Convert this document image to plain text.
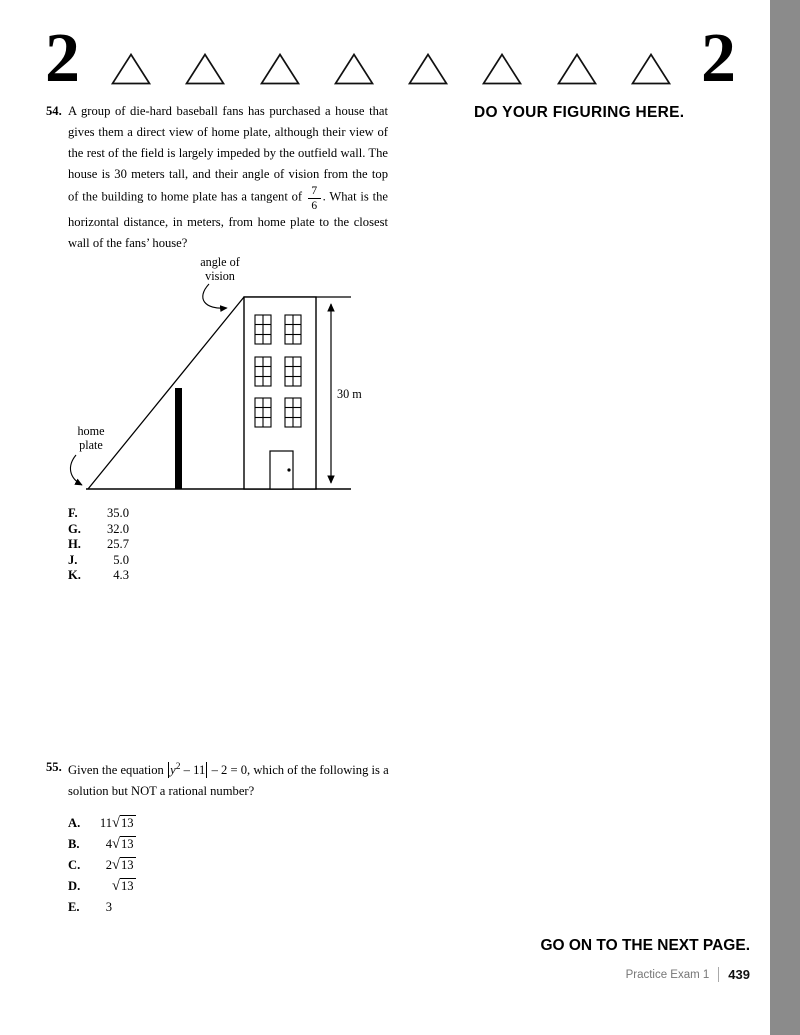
2	2
DO YOUR FIGURING HERE.
54. A group of die-hard baseball fans has purchased a house that gives them a direct view of home plate, although their view of the rest of the field is largely impeded by the outfield wall. The house is 30 meters tall, and their angle of vision from the top of the building to home plate has a tangent of $\frac{7}{6}$ . What is the horizontal distance, in meters, from home plate to the closest wall of the fans’ house?

30 m
angle of
vision
home
plate
F.	35.0
G.	32.0
H.	25.7
J.	5.0
K.	4.3
55. Given the equation $y^2 - 11 - 2 = 0$, which of the following is a solution but NOT a rational number?

A.	11 √13
B.	4 √13
C.	2 √13
D.	√13
E.	3
GO ON TO THE NEXT PAGE.
Practice Exam 1 439
